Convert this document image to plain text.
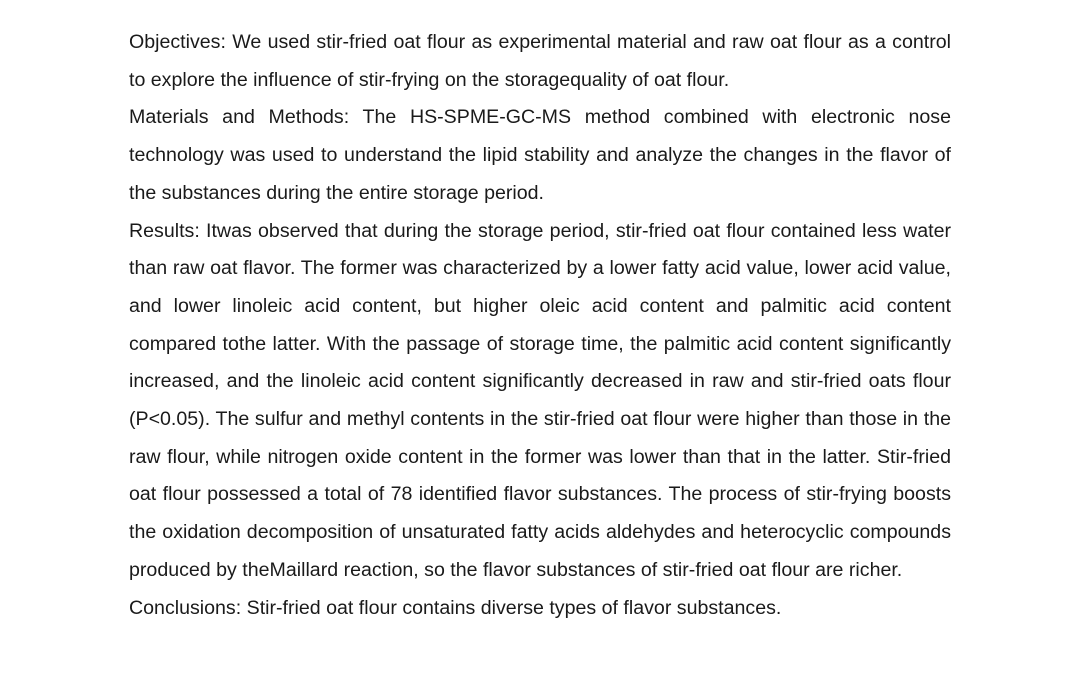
Objectives: We used stir-fried oat flour as experimental material and raw oat flour as a control to explore the influence of stir-frying on the storagequality of oat flour.

Materials and Methods: The HS-SPME-GC-MS method combined with electronic nose technology was used to understand the lipid stability and analyze the changes in the flavor of the substances during the entire storage period.

Results: Itwas observed that during the storage period, stir-fried oat flour contained less water than raw oat flavor. The former was characterized by a lower fatty acid value, lower acid value, and lower linoleic acid content, but higher oleic acid content and palmitic acid content compared tothe latter. With the passage of storage time, the palmitic acid content significantly increased, and the linoleic acid content significantly decreased in raw and stir-fried oats flour (P<0.05). The sulfur and methyl contents in the stir-fried oat flour were higher than those in the raw flour, while nitrogen oxide content in the former was lower than that in the latter. Stir-fried oat flour possessed a total of 78 identified flavor substances. The process of stir-frying boosts the oxidation decomposition of unsaturated fatty acids aldehydes and heterocyclic compounds produced by theMaillard reaction, so the flavor substances of stir-fried oat flour are richer.

Conclusions: Stir-fried oat flour contains diverse types of flavor substances.
